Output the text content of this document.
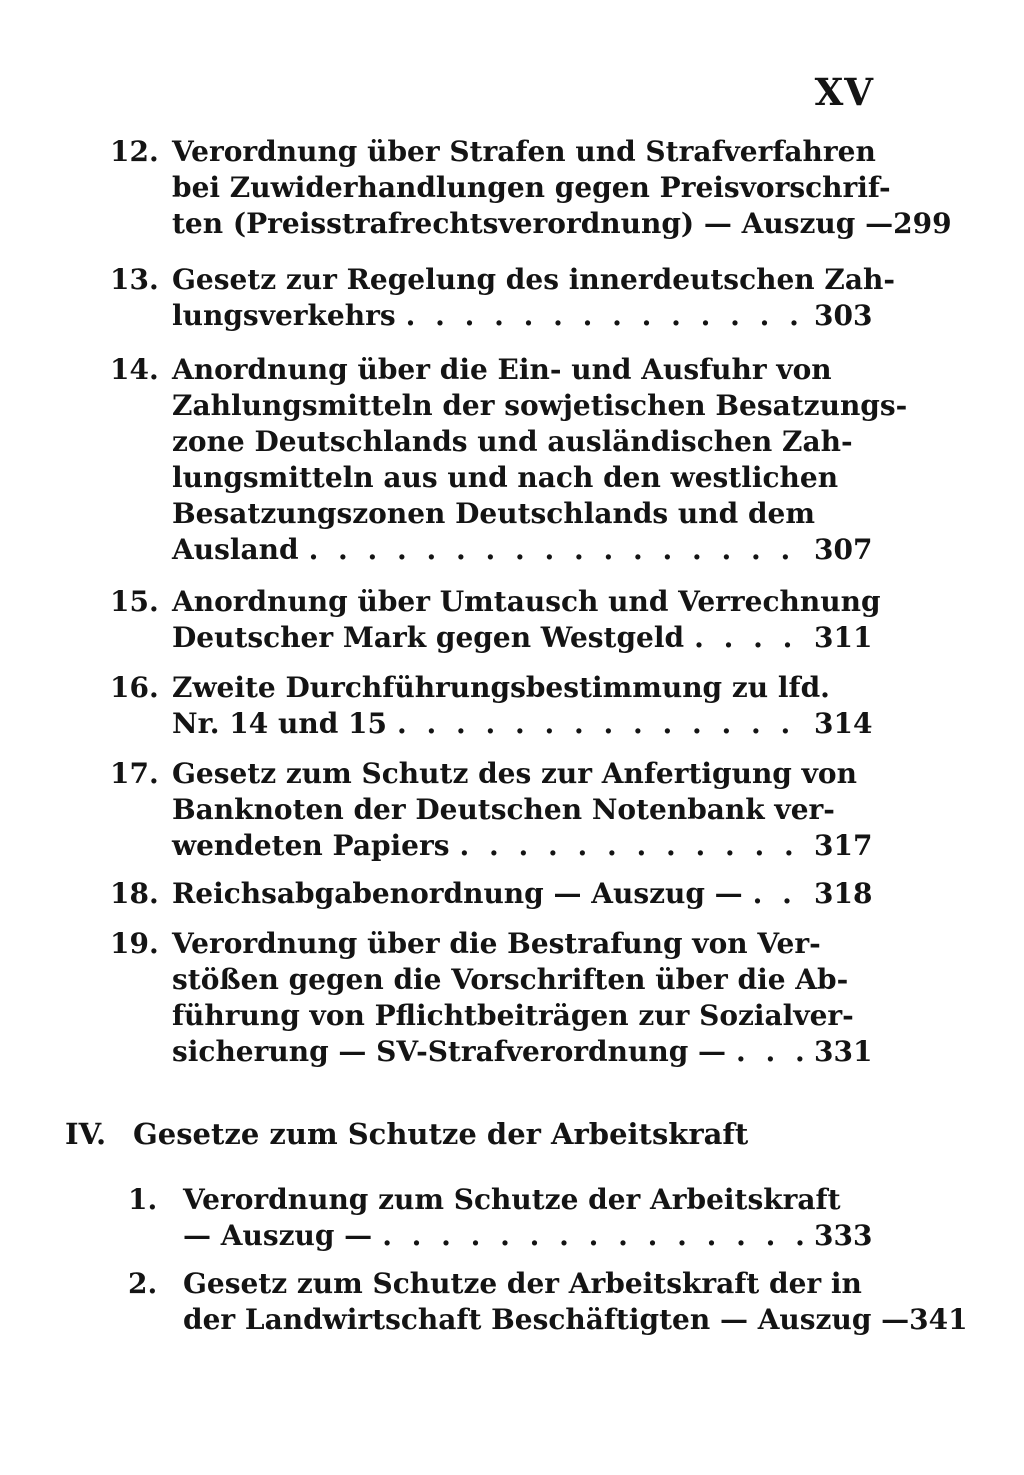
XV
12. Verordnung über Strafen und Strafverfahren
bei Zuwiderhandlungen gegen Preisvorschrif-
ten (Preisstrafrechtsverordnung) — Auszug — 299
13. Gesetz zur Regelung des innerdeutschen Zah-
lungsverkehrs . . .	303
14. Anordnung über die Ein- und Ausfuhr von
Zahlungsmitteln der sowjetischen Besatzungs-
zone Deutschlands und ausländischen Zah-
lungsmitteln aus und nach den westlichen
Besatzungszonen Deutschlands und dem
Ausland . . .	307
15. Anordnung über Umtausch und Verrechnung
Deutscher Mark gegen Westgeld . . .	311
16. Zweite Durchführungsbestimmung zu lfd.
Nr. 14 und 15 . . .	314
17. Gesetz zum Schutz des zur Anfertigung von
Banknoten der Deutschen Notenbank ver-
wendeten Papiers . . .	317
18. Reichsabgabenordnung — Auszug — . . .	318
19. Verordnung über die Bestrafung von Ver-
stößen gegen die Vorschriften über die Ab-
führung von Pflichtbeiträgen zur Sozialver-
sicherung — SV-Strafverordnung — . . .	331
IV. Gesetze zum Schutze der Arbeitskraft
1. Verordnung zum Schutze der Arbeitskraft
— Auszug — . . .	333
2. Gesetz zum Schutze der Arbeitskraft der in
der Landwirtschaft Beschäftigten — Auszug — 341
